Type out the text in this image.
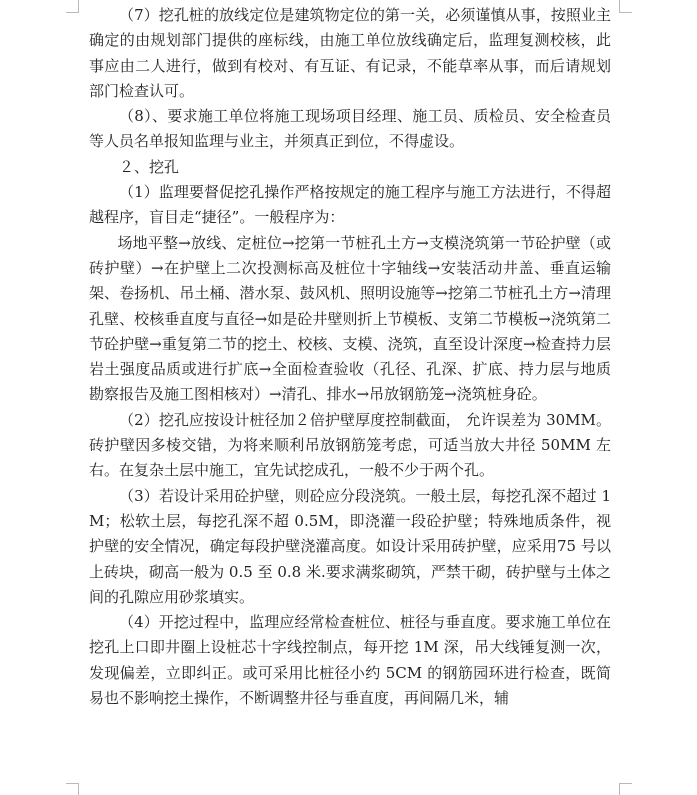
（7）挖孔桩的放线定位是建筑物定位的第一关，必须谨慎从事，按照业主确定的由规划部门提供的座标线，由施工单位放线确定后，监理复测校核，此事应由二人进行，做到有校对、有互证、有记录，不能草率从事，而后请规划部门检查认可。

（8）、要求施工单位将施工现场项目经理、施工员、质检员、安全检查员等人员名单报知监理与业主，并须真正到位，不得虚设。

２、挖孔

（1）监理要督促挖孔操作严格按规定的施工程序与施工方法进行，不得超越程序，盲目走“捷径”。一般程序为：

场地平整→放线、定桩位→挖第一节桩孔土方→支模浇筑第一节砼护壁（或砖护壁）→在护壁上二次投测标高及桩位十字轴线→安装活动井盖、垂直运输架、卷扬机、吊土桶、潜水泵、鼓风机、照明设施等→挖第二节桩孔土方→清理孔壁、校核垂直度与直径→如是砼井壁则折上节模板、支第二节模板→浇筑第二节砼护壁→重复第二节的挖土、校核、支模、浇筑，直至设计深度→检查持力层岩土强度品质或进行扩底→全面检查验收（孔径、孔深、扩底、持力层与地质勘察报告及施工图相核对）→清孔、排水→吊放钢筋笼→浇筑桩身砼。

（2）挖孔应按设计桩径加２倍护壁厚度控制截面， 允许误差为 30MM。砖护壁因多棱交错，为将来顺利吊放钢筋笼考虑，可适当放大井径 50MM 左右。在复杂土层中施工，宜先试挖成孔，一般不少于两个孔。

（3）若设计采用砼护壁，则砼应分段浇筑。一般土层，每挖孔深不超过 1M；松软土层，每挖孔深不超 0.5M，即浇灌一段砼护壁；特殊地质条件，视护壁的安全情况，确定每段护壁浇灌高度。如设计采用砖护壁，应采用75 号以上砖块，砌高一般为 0.5 至 0.8 米.要求满浆砌筑，严禁干砌，砖护壁与土体之间的孔隙应用砂浆填实。

（4）开挖过程中，监理应经常检查桩位、桩径与垂直度。要求施工单位在挖孔上口即井圈上设桩芯十字线控制点，每开挖 1M 深，吊大线锤复测一次，发现偏差，立即纠正。或可采用比桩径小约 5CM 的钢筋园环进行检查，既简易也不影响挖土操作，不断调整井径与垂直度，再间隔几米，辅
